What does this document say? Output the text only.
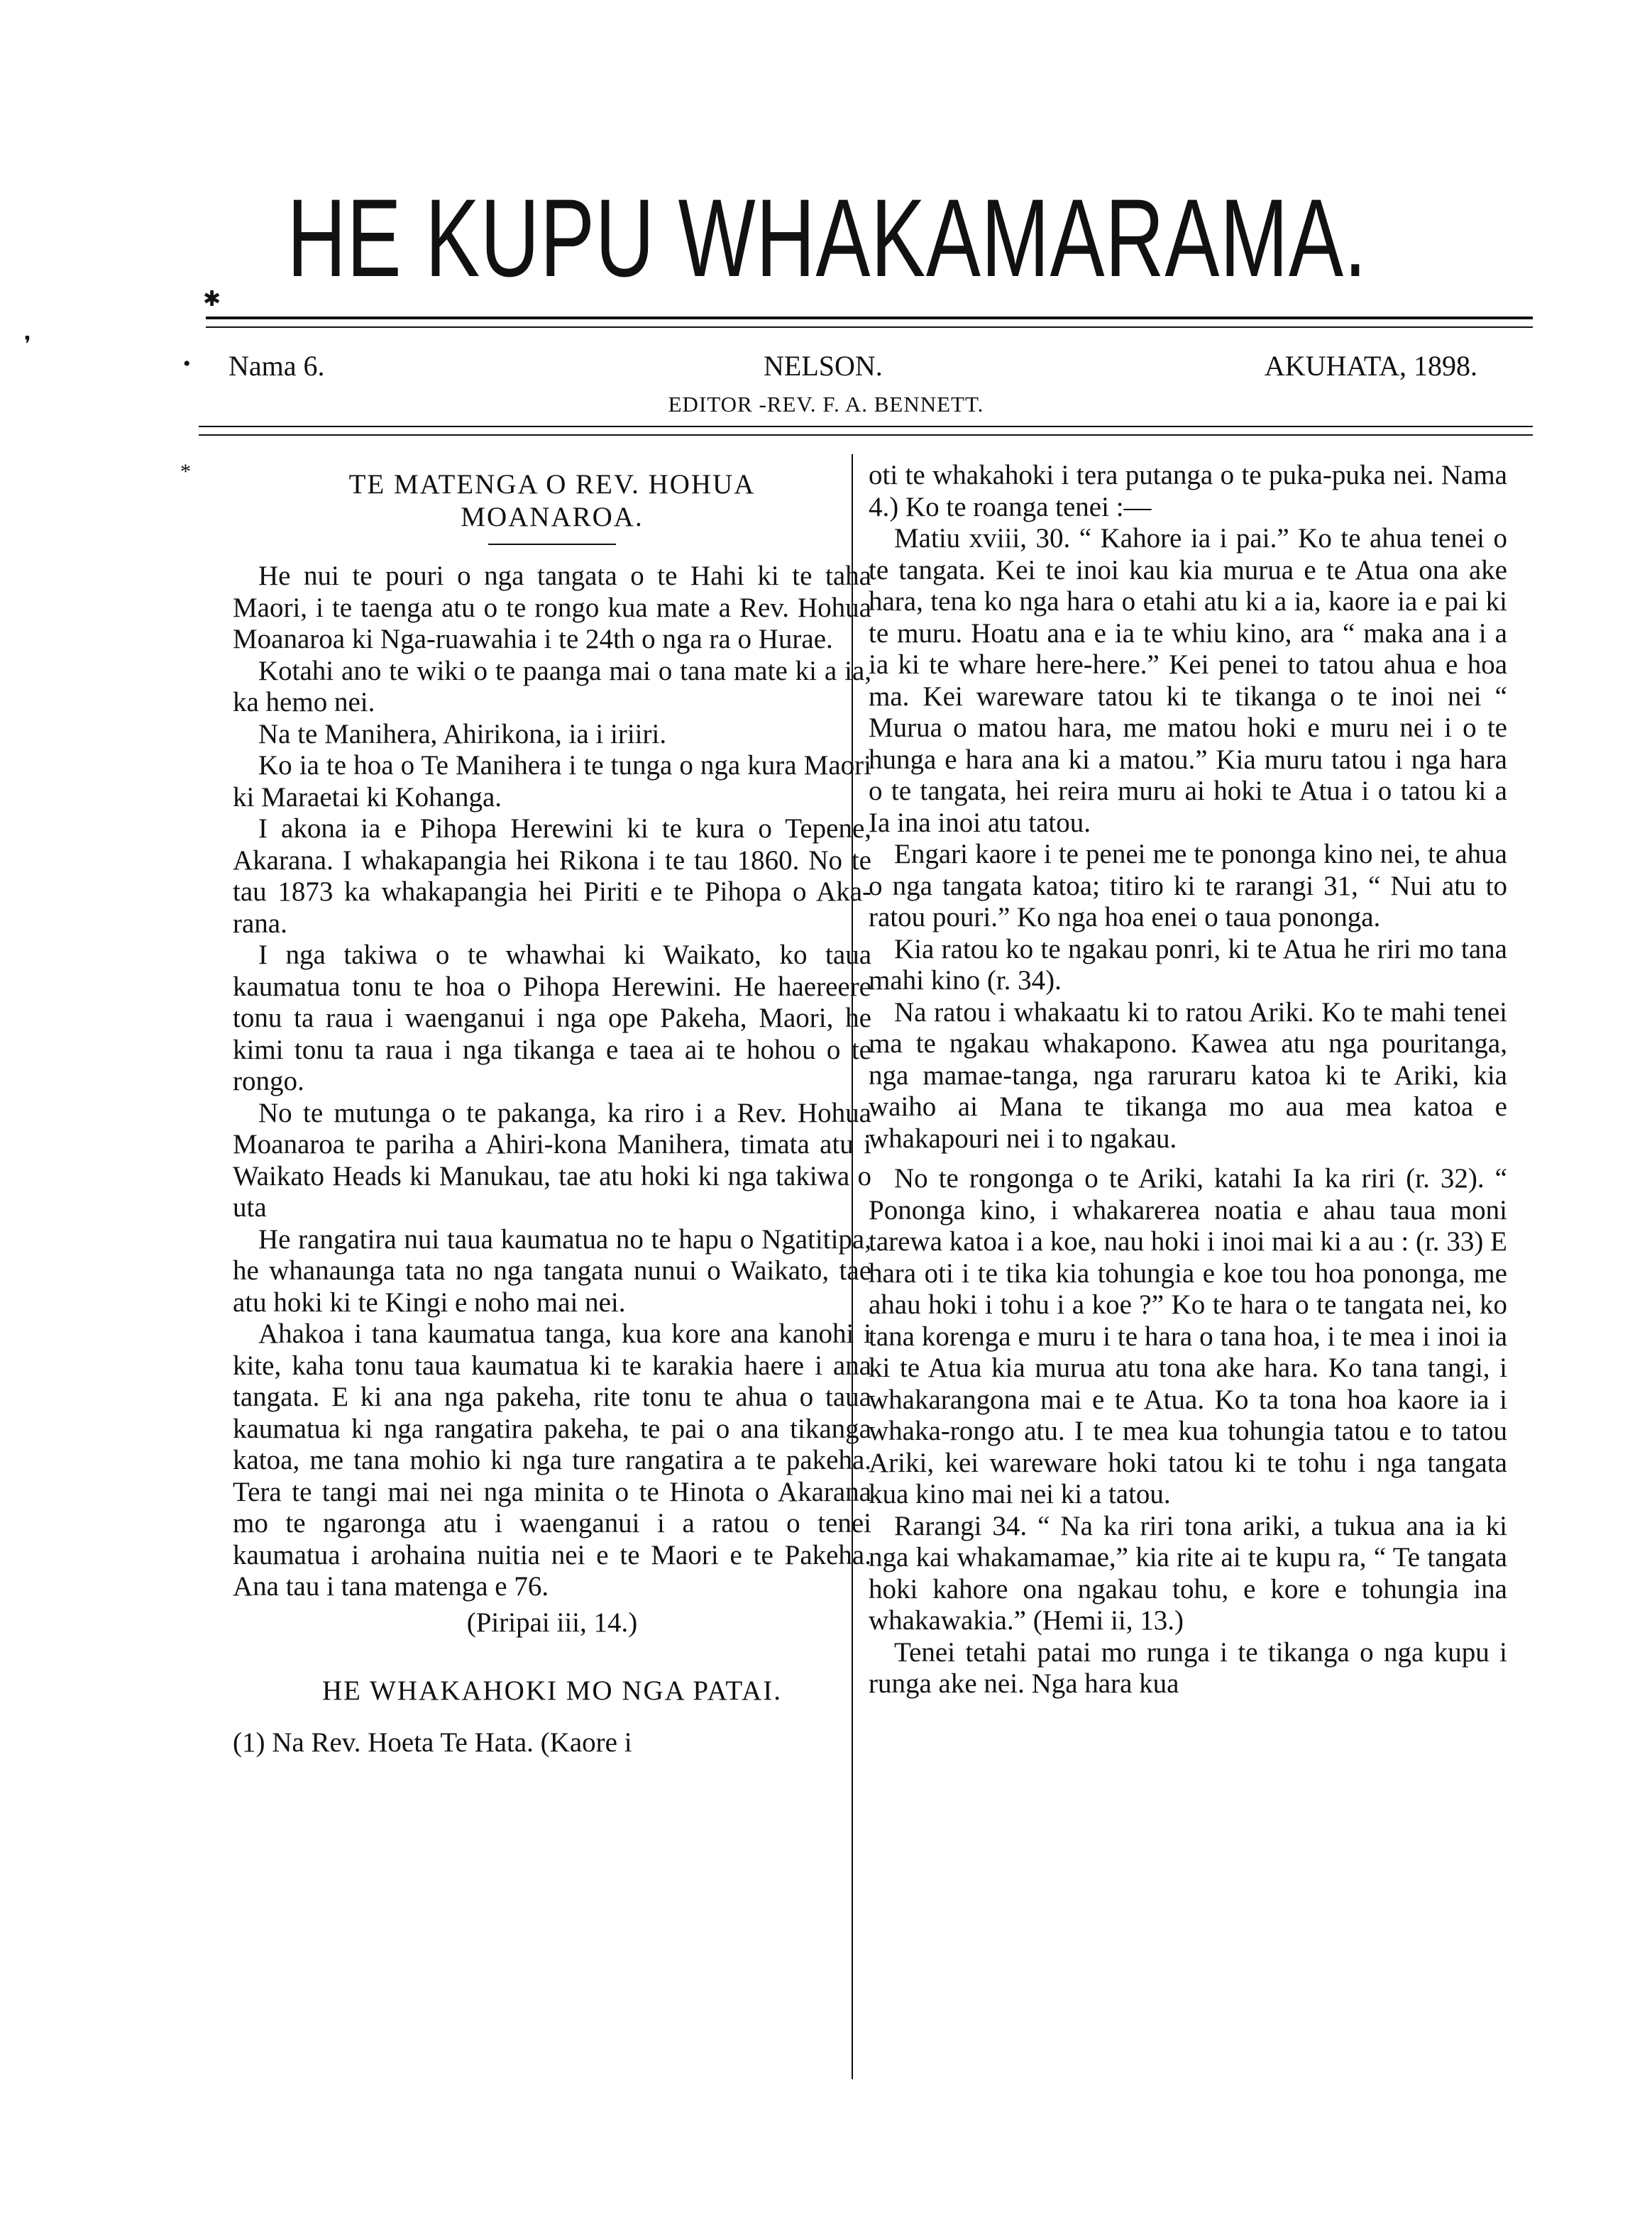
HE KUPU WHAKAMARAMA.
✱
❜
Nama 6.	NELSON.	AKUHATA, 1898.
•
EDITOR -REV. F. A. BENNETT.
*	TE MATENGA O REV. HOHUA
MOANAROA.

He nui te pouri o nga tangata o te Hahi ki te taha Maori, i te taenga atu o te rongo kua mate a Rev. Hohua Moanaroa ki Nga-ruawahia i te 24th o nga ra o Hurae.

Kotahi ano te wiki o te paanga mai o tana mate ki a ia, ka hemo nei.

Na te Manihera, Ahirikona, ia i iriiri.

Ko ia te hoa o Te Manihera i te tunga o nga kura Maori ki Maraetai ki Kohanga.

I akona ia e Pihopa Herewini ki te kura o Tepene, Akarana. I whakapangia hei Rikona i te tau 1860. No te tau 1873 ka whakapangia hei Piriti e te Pihopa o Aka-rana.

I nga takiwa o te whawhai ki Waikato, ko taua kaumatua tonu te hoa o Pihopa Herewini. He haereere tonu ta raua i waenganui i nga ope Pakeha, Maori, he kimi tonu ta raua i nga tikanga e taea ai te hohou o te rongo.

No te mutunga o te pakanga, ka riro i a Rev. Hohua Moanaroa te pariha a Ahiri-kona Manihera, timata atu i Waikato Heads ki Manukau, tae atu hoki ki nga takiwa o uta

He rangatira nui taua kaumatua no te hapu o Ngatitipa, he whanaunga tata no nga tangata nunui o Waikato, tae atu hoki ki te Kingi e noho mai nei.

Ahakoa i tana kaumatua tanga, kua kore ana kanohi i kite, kaha tonu taua kaumatua ki te karakia haere i ana tangata. E ki ana nga pakeha, rite tonu te ahua o taua kaumatua ki nga rangatira pakeha, te pai o ana tikanga katoa, me tana mohio ki nga ture rangatira a te pakeha. Tera te tangi mai nei nga minita o te Hinota o Akarana mo te ngaronga atu i waenganui i a ratou o tenei kaumatua i arohaina nuitia nei e te Maori e te Pakeha. Ana tau i tana matenga e 76.

(Piripai iii, 14.)
HE WHAKAHOKI MO NGA PATAI.

(1) Na Rev. Hoeta Te Hata. (Kaore i

oti te whakahoki i tera putanga o te puka-puka nei. Nama 4.) Ko te roanga tenei :—

Matiu xviii, 30. “ Kahore ia i pai.” Ko te ahua tenei o te tangata. Kei te inoi kau kia murua e te Atua ona ake hara, tena ko nga hara o etahi atu ki a ia, kaore ia e pai ki te muru. Hoatu ana e ia te whiu kino, ara “ maka ana i a ia ki te whare here-here.” Kei penei to tatou ahua e hoa ma. Kei wareware tatou ki te tikanga o te inoi nei “ Murua o matou hara, me matou hoki e muru nei i o te hunga e hara ana ki a matou.” Kia muru tatou i nga hara o te tangata, hei reira muru ai hoki te Atua i o tatou ki a Ia ina inoi atu tatou.

Engari kaore i te penei me te pononga kino nei, te ahua o nga tangata katoa; titiro ki te rarangi 31, “ Nui atu to ratou pouri.” Ko nga hoa enei o taua pononga.

Kia ratou ko te ngakau ponri, ki te Atua he riri mo tana mahi kino (r. 34).

Na ratou i whakaatu ki to ratou Ariki. Ko te mahi tenei ma te ngakau whakapono. Kawea atu nga pouritanga, nga mamae-tanga, nga raruraru katoa ki te Ariki, kia waiho ai Mana te tikanga mo aua mea katoa e whakapouri nei i to ngakau.

No te rongonga o te Ariki, katahi Ia ka riri (r. 32). “ Pononga kino, i whakarerea noatia e ahau taua moni tarewa katoa i a koe, nau hoki i inoi mai ki a au : (r. 33) E hara oti i te tika kia tohungia e koe tou hoa pononga, me ahau hoki i tohu i a koe ?” Ko te hara o te tangata nei, ko tana korenga e muru i te hara o tana hoa, i te mea i inoi ia ki te Atua kia murua atu tona ake hara. Ko tana tangi, i whakarangona mai e te Atua. Ko ta tona hoa kaore ia i whaka-rongo atu. I te mea kua tohungia tatou e to tatou Ariki, kei wareware hoki tatou ki te tohu i nga tangata kua kino mai nei ki a tatou.

Rarangi 34. “ Na ka riri tona ariki, a tukua ana ia ki nga kai whakamamae,” kia rite ai te kupu ra, “ Te tangata hoki kahore ona ngakau tohu, e kore e tohungia ina whakawakia.” (Hemi ii, 13.)

Tenei tetahi patai mo runga i te tikanga o nga kupu i runga ake nei. Nga hara kua
